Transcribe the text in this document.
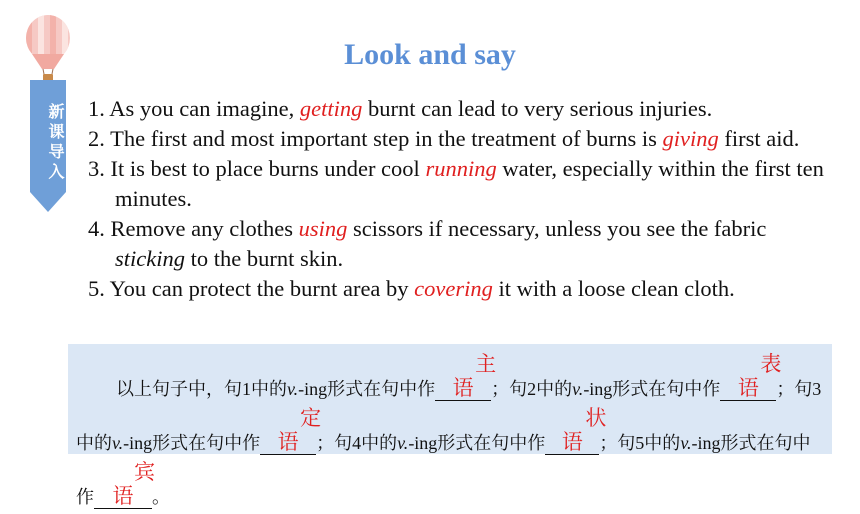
新课导入
Look and say
1. As you can imagine, getting burnt can lead to very serious injuries.
2. The first and most important step in the treatment of burns is giving first aid.
3. It is best to place burns under cool running water, especially within the first ten minutes.
4. Remove any clothes using scissors if necessary, unless you see the fabric sticking to the burnt skin.
5. You can protect the burnt area by covering it with a loose clean cloth.

以上句子中，句1中的v.-ing形式在句中作主语 ；句2中的v.-ing形式在句中作表语 ；句3中的v.-ing形式在句中作定语 ；句4中的v.-ing形式在句中作状语 ；句5中的v.-ing形式在句中作宾语 。
